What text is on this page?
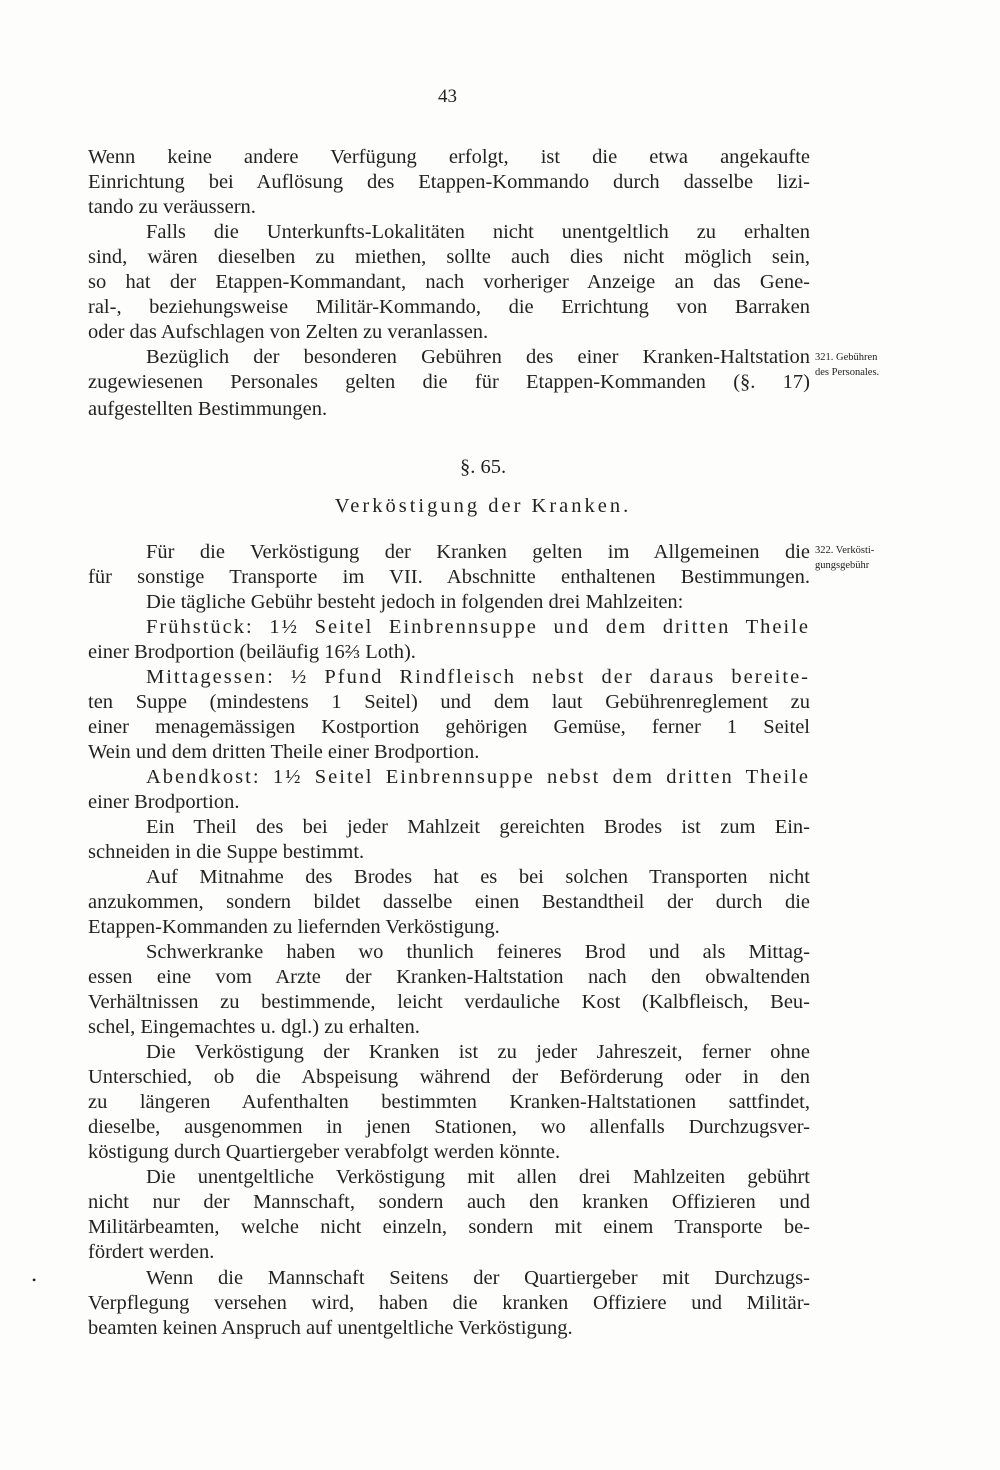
43
Wenn keine andere Verfügung erfolgt, ist die etwa angekaufte
Einrichtung bei Auflösung des Etappen-Kommando durch dasselbe lizi-
tando zu veräussern.
Falls die Unterkunfts-Lokalitäten nicht unentgeltlich zu erhalten
sind, wären dieselben zu miethen, sollte auch dies nicht möglich sein,
so hat der Etappen-Kommandant, nach vorheriger Anzeige an das Gene-
ral-, beziehungsweise Militär-Kommando, die Errichtung von Barraken
oder das Aufschlagen von Zelten zu veranlassen.
Bezüglich der besonderen Gebühren des einer Kranken-Haltstation
zugewiesenen Personales gelten die für Etappen-Kommanden (§. 17)
aufgestellten Bestimmungen.
321. Gebühren
des Personales.
§. 65.
Verköstigung der Kranken.
Für die Verköstigung der Kranken gelten im Allgemeinen die
für sonstige Transporte im VII. Abschnitte enthaltenen Bestimmungen.
322. Verkösti-
gungsgebühr
Die tägliche Gebühr besteht jedoch in folgenden drei Mahlzeiten:
Frühstück: 1½ Seitel Einbrennsuppe und dem dritten Theile
einer Brodportion (beiläufig 16⅔ Loth).
Mittagessen: ½ Pfund Rindfleisch nebst der daraus bereite-
ten Suppe (mindestens 1 Seitel) und dem laut Gebührenreglement zu
einer menagemässigen Kostportion gehörigen Gemüse, ferner 1 Seitel
Wein und dem dritten Theile einer Brodportion.
Abendkost: 1½ Seitel Einbrennsuppe nebst dem dritten Theile
einer Brodportion.
Ein Theil des bei jeder Mahlzeit gereichten Brodes ist zum Ein-
schneiden in die Suppe bestimmt.
Auf Mitnahme des Brodes hat es bei solchen Transporten nicht
anzukommen, sondern bildet dasselbe einen Bestandtheil der durch die
Etappen-Kommanden zu liefernden Verköstigung.
Schwerkranke haben wo thunlich feineres Brod und als Mittag-
essen eine vom Arzte der Kranken-Haltstation nach den obwaltenden
Verhältnissen zu bestimmende, leicht verdauliche Kost (Kalbfleisch, Beu-
schel, Eingemachtes u. dgl.) zu erhalten.
Die Verköstigung der Kranken ist zu jeder Jahreszeit, ferner ohne
Unterschied, ob die Abspeisung während der Beförderung oder in den
zu längeren Aufenthalten bestimmten Kranken-Haltstationen sattfindet,
dieselbe, ausgenommen in jenen Stationen, wo allenfalls Durchzugsver-
köstigung durch Quartiergeber verabfolgt werden könnte.
Die unentgeltliche Verköstigung mit allen drei Mahlzeiten gebührt
nicht nur der Mannschaft, sondern auch den kranken Offizieren und
Militärbeamten, welche nicht einzeln, sondern mit einem Transporte be-
fördert werden.
•	Wenn die Mannschaft Seitens der Quartiergeber mit Durchzugs-
Verpflegung versehen wird, haben die kranken Offiziere und Militär-
beamten keinen Anspruch auf unentgeltliche Verköstigung.
